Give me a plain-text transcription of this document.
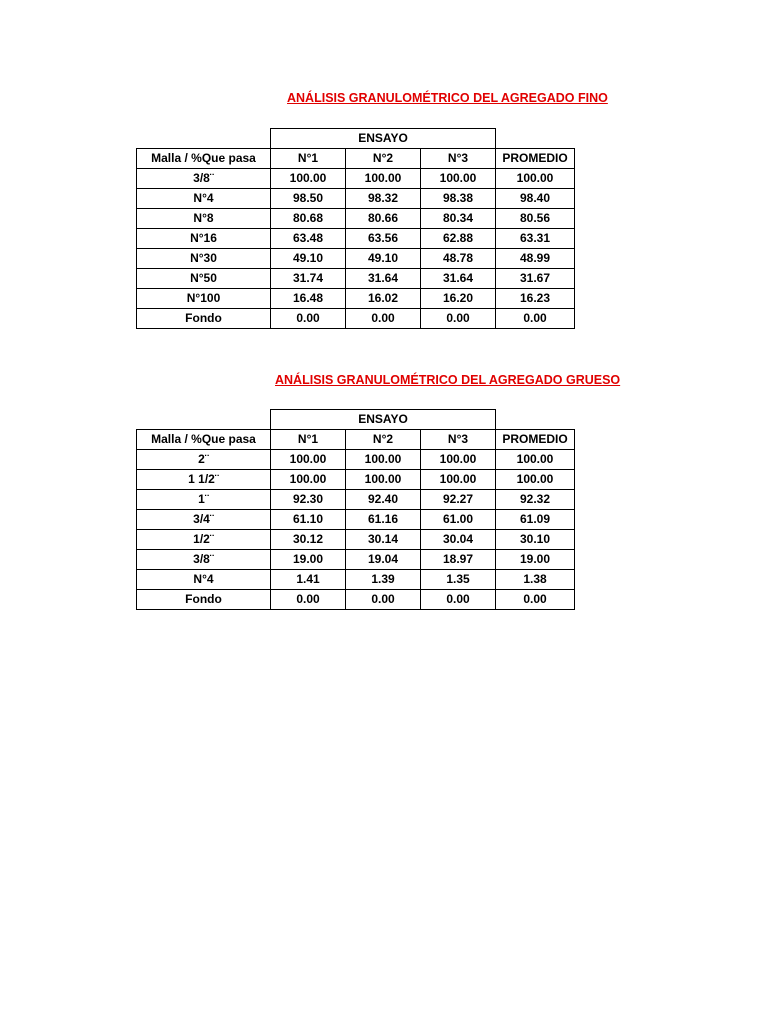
ANÁLISIS GRANULOMÉTRICO DEL AGREGADO FINO
	ENSAYO			
Malla / %Que pasa	N°1	N°2	N°3	PROMEDIO
3/8¨	100.00	100.00	100.00	100.00
N°4	98.50	98.32	98.38	98.40
N°8	80.68	80.66	80.34	80.56
N°16	63.48	63.56	62.88	63.31
N°30	49.10	49.10	48.78	48.99
N°50	31.74	31.64	31.64	31.67
N°100	16.48	16.02	16.20	16.23
Fondo	0.00	0.00	0.00	0.00
ANÁLISIS GRANULOMÉTRICO DEL AGREGADO GRUESO
	ENSAYO			
Malla / %Que pasa	N°1	N°2	N°3	PROMEDIO
2¨	100.00	100.00	100.00	100.00
1 1/2¨	100.00	100.00	100.00	100.00
1¨	92.30	92.40	92.27	92.32
3/4¨	61.10	61.16	61.00	61.09
1/2¨	30.12	30.14	30.04	30.10
3/8¨	19.00	19.04	18.97	19.00
N°4	1.41	1.39	1.35	1.38
Fondo	0.00	0.00	0.00	0.00
